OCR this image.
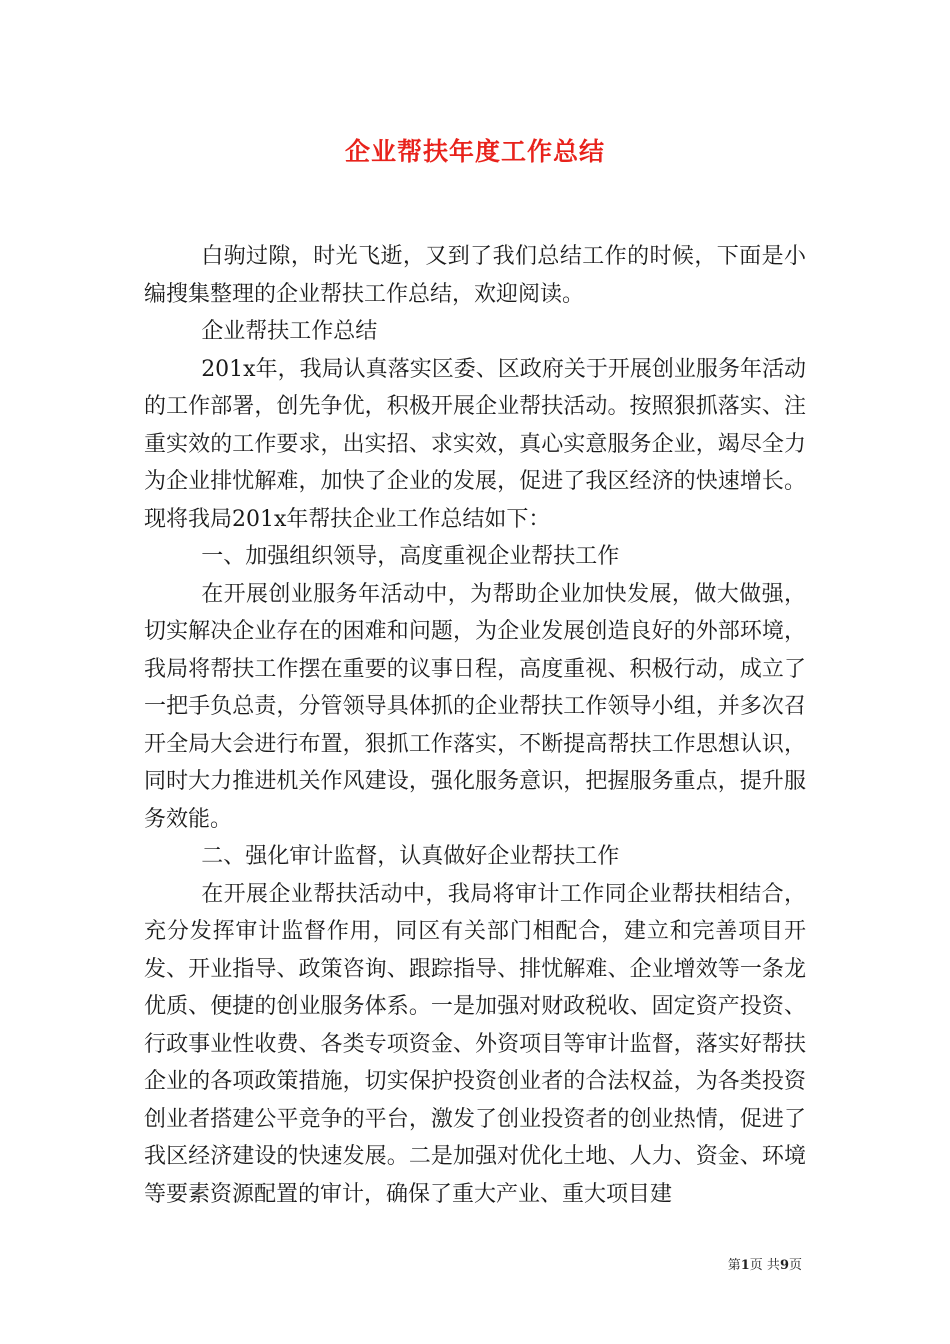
企业帮扶年度工作总结

白驹过隙，时光飞逝，又到了我们总结工作的时候，下面是小编搜集整理的企业帮扶工作总结，欢迎阅读。

企业帮扶工作总结

201x年，我局认真落实区委、区政府关于开展创业服务年活动的工作部署，创先争优，积极开展企业帮扶活动。按照狠抓落实、注重实效的工作要求，出实招、求实效，真心实意服务企业，竭尽全力为企业排忧解难，加快了企业的发展，促进了我区经济的快速增长。现将我局201x年帮扶企业工作总结如下：

一、加强组织领导，高度重视企业帮扶工作

在开展创业服务年活动中，为帮助企业加快发展，做大做强，切实解决企业存在的困难和问题，为企业发展创造良好的外部环境，我局将帮扶工作摆在重要的议事日程，高度重视、积极行动，成立了一把手负总责，分管领导具体抓的企业帮扶工作领导小组，并多次召开全局大会进行布置，狠抓工作落实，不断提高帮扶工作思想认识，同时大力推进机关作风建设，强化服务意识，把握服务重点，提升服务效能。

二、强化审计监督，认真做好企业帮扶工作

在开展企业帮扶活动中，我局将审计工作同企业帮扶相结合，充分发挥审计监督作用，同区有关部门相配合，建立和完善项目开发、开业指导、政策咨询、跟踪指导、排忧解难、企业增效等一条龙优质、便捷的创业服务体系。一是加强对财政税收、固定资产投资、行政事业性收费、各类专项资金、外资项目等审计监督，落实好帮扶企业的各项政策措施，切实保护投资创业者的合法权益，为各类投资创业者搭建公平竞争的平台，激发了创业投资者的创业热情，促进了我区经济建设的快速发展。二是加强对优化土地、人力、资金、环境等要素资源配置的审计，确保了重大产业、重大项目建

第1页 共9页
